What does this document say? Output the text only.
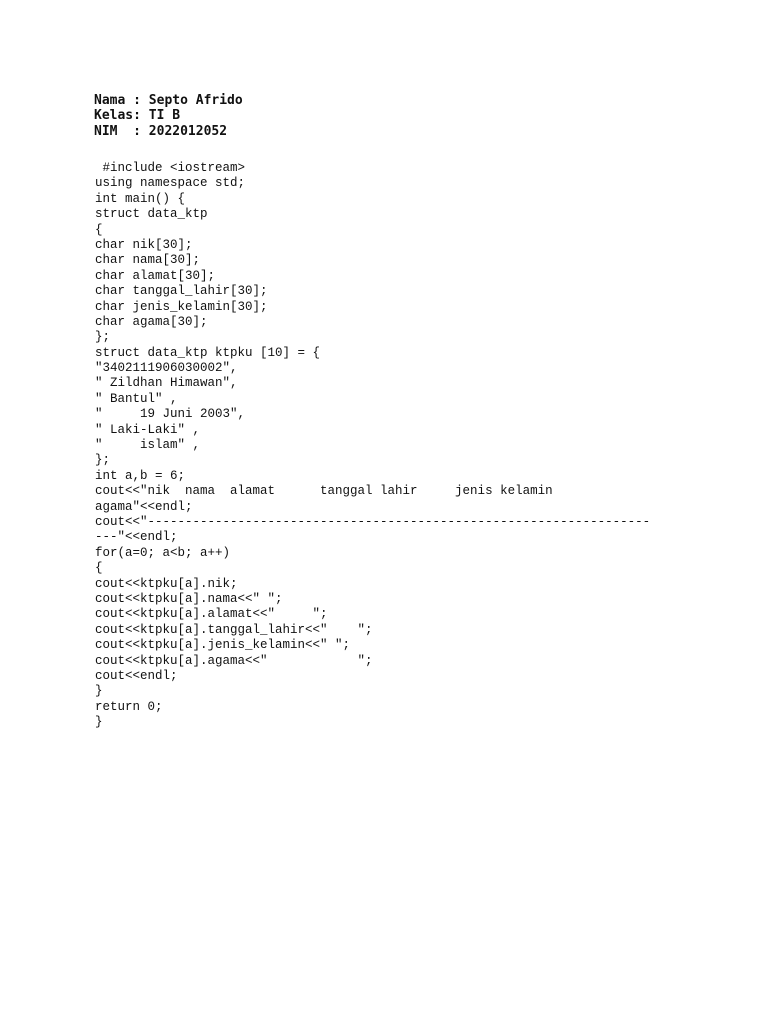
Nama : Septo Afrido
Kelas: TI B
NIM  : 2022012052
#include <iostream>
using namespace std;
int main() {
struct data_ktp
{
char nik[30];
char nama[30];
char alamat[30];
char tanggal_lahir[30];
char jenis_kelamin[30];
char agama[30];
};
struct data_ktp ktpku [10] = {
"3402111906030002",
" Zildhan Himawan",
" Bantul" ,
"     19 Juni 2003",
" Laki-Laki" ,
"     islam" ,
};
int a,b = 6;
cout<<"nik  nama  alamat      tanggal lahir     jenis kelamin
agama"<<endl;
cout<<"-------------------------------------------------------------------
---"<<endl;
for(a=0; a<b; a++)
{
cout<<ktpku[a].nik;
cout<<ktpku[a].nama<<" ";
cout<<ktpku[a].alamat<<"     ";
cout<<ktpku[a].tanggal_lahir<<"    ";
cout<<ktpku[a].jenis_kelamin<<" ";
cout<<ktpku[a].agama<<"            ";
cout<<endl;
}
return 0;
}
